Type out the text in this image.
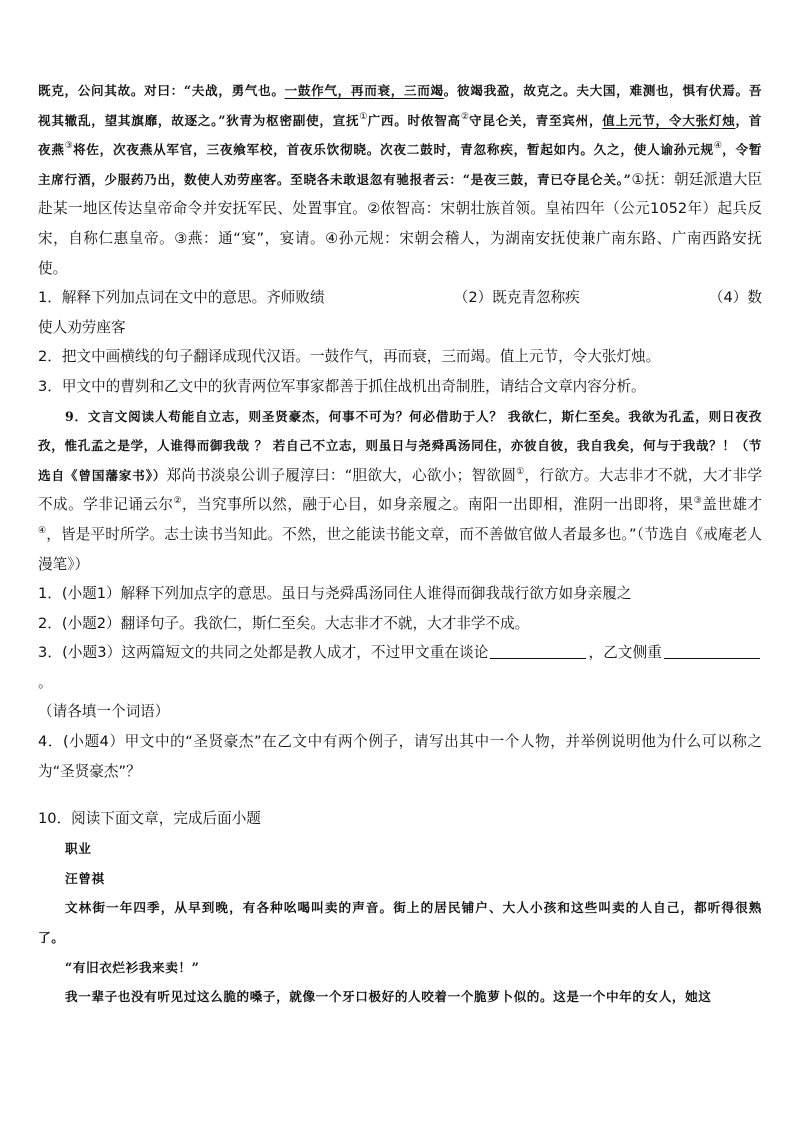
既克，公问其故。对曰：“夫战，勇气也。一鼓作气，再而衰，三而竭。彼竭我盈，故克之。夫大国，难测也，惧有伏焉。吾视其辙乱，望其旗靡，故逐之。”狄青为枢密副使，宣抚①广西。时侬智高②守昆仑关，青至宾州，值上元节，令大张灯烛，首夜燕③将佐，次夜燕从军官，三夜飨军校，首夜乐饮彻晓。次夜二鼓时，青忽称疾，暂起如内。久之，使人谕孙元规④，令暂主席行酒，少服药乃出，数使人劝劳座客。至晓各未敢退忽有驰报者云：“是夜三鼓，青已夺昆仑关。”①抚：朝廷派遣大臣赴某一地区传达皇帝命令并安抚军民、处置事宜。②侬智高：宋朝壮族首领。皇祐四年（公元1052年）起兵反宋，自称仁惠皇帝。③燕：通“宴”，宴请。④孙元规：宋朝会稽人，为湖南安抚使兼广南东路、广南西路安抚使。

1．解释下列加点词在文中的意思。齐师败绩	（2）既克青忽称疾	（4）数

使人劝劳座客

2．把文中画横线的句子翻译成现代汉语。一鼓作气，再而衰，三而竭。值上元节，令大张灯烛。

3．甲文中的曹刿和乙文中的狄青两位军事家都善于抓住战机出奇制胜，请结合文章内容分析。

9．文言文阅读人苟能自立志，则圣贤豪杰，何事不可为？何必借助于人？ 我欲仁，斯仁至矣。我欲为孔孟，则日夜孜孜，惟孔孟之是学，人谁得而御我哉 ？ 若自己不立志，则虽日与尧舜禹汤同住，亦彼自彼，我自我矣，何与于我哉？！（节选自《曾国藩家书》）郑尚书淡泉公训子履淳曰：“胆欲大，心欲小；智欲圆①，行欲方。大志非才不就，大才非学不成。学非记诵云尔②，当究事所以然，融于心目，如身亲履之。南阳一出即相，淮阴一出即将，果③盖世雄才④，皆是平时所学。志士读书当知此。不然，世之能读书能文章，而不善做官做人者最多也。”（节选自《戒庵老人漫笔》）

1．(小题1）解释下列加点字的意思。虽日与尧舜禹汤同住人谁得而御我哉行欲方如身亲履之

2．(小题2）翻译句子。我欲仁，斯仁至矣。大志非才不就，大才非学不成。

3．(小题3）这两篇短文的共同之处都是教人成才，不过甲文重在谈论	，乙文侧重。

（请各填一个词语）

4．(小题4）甲文中的“圣贤豪杰”在乙文中有两个例子，请写出其中一个人物，并举例说明他为什么可以称之为“圣贤豪杰”？

10．阅读下面文章，完成后面小题

职业

汪曾祺

文林街一年四季，从早到晚，有各种吆喝叫卖的声音。街上的居民铺户、大人小孩和这些叫卖的人自己，都听得很熟了。

“有旧衣烂衫我来卖！”

我一辈子也没有听见过这么脆的嗓子，就像一个牙口极好的人咬着一个脆萝卜似的。这是一个中年的女人，她这
